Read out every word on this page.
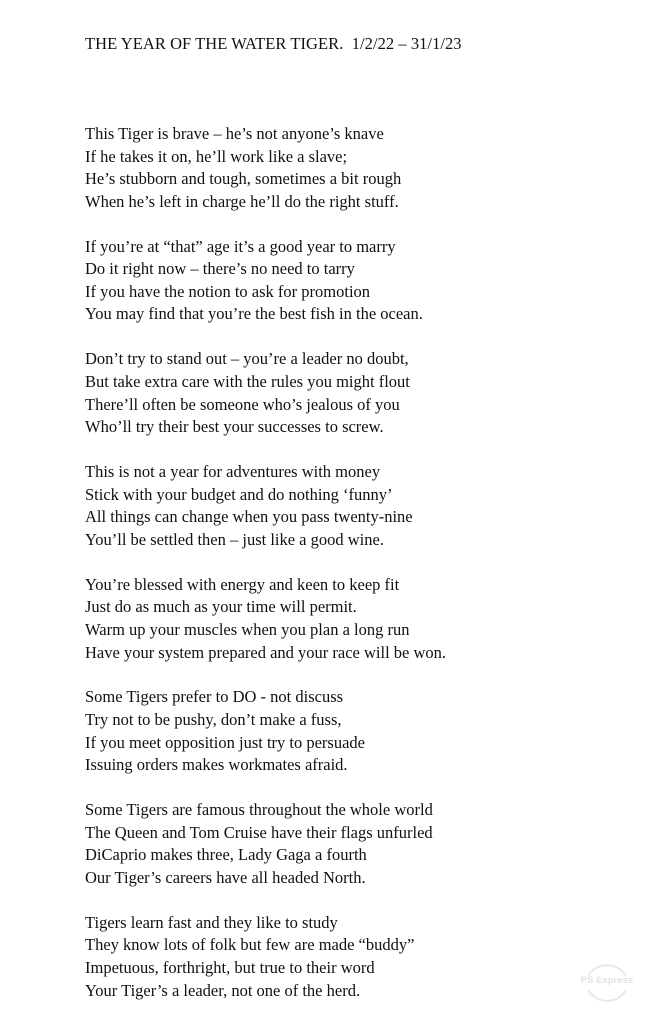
THE YEAR OF THE WATER TIGER.  1/2/22 – 31/1/23
This Tiger is brave – he’s not anyone’s knave
If he takes it on, he’ll work like a slave;
He’s stubborn and tough, sometimes a bit rough
When he’s left in charge he’ll do the right stuff.
If you’re at “that” age it’s a good year to marry
Do it right now – there’s no need to tarry
If you have the notion to ask for promotion
You may find that you’re the best fish in the ocean.
Don’t try to stand out – you’re a leader no doubt,
But take extra care with the rules you might flout
There’ll often be someone who’s jealous of you
Who’ll try their best your successes to screw.
This is not a year for adventures with money
Stick with your budget and do nothing ‘funny’
All things can change when you pass twenty-nine
You’ll be settled then – just like a good wine.
You’re blessed with energy and keen to keep fit
Just do as much as your time will permit.
Warm up your muscles when you plan a long run
Have your system prepared and your race will be won.
Some Tigers prefer to DO - not discuss
Try not to be pushy, don’t make a fuss,
If you meet opposition just try to persuade
Issuing orders makes workmates afraid.
Some Tigers are famous throughout the whole world
The Queen and Tom Cruise have their flags unfurled
DiCaprio makes three, Lady Gaga a fourth
Our Tiger’s careers have all headed North.
Tigers learn fast and they like to study
They know lots of folk but few are made “buddy”
Impetuous, forthright, but true to their word
Your Tiger’s a leader, not one of the herd.
PS Express
